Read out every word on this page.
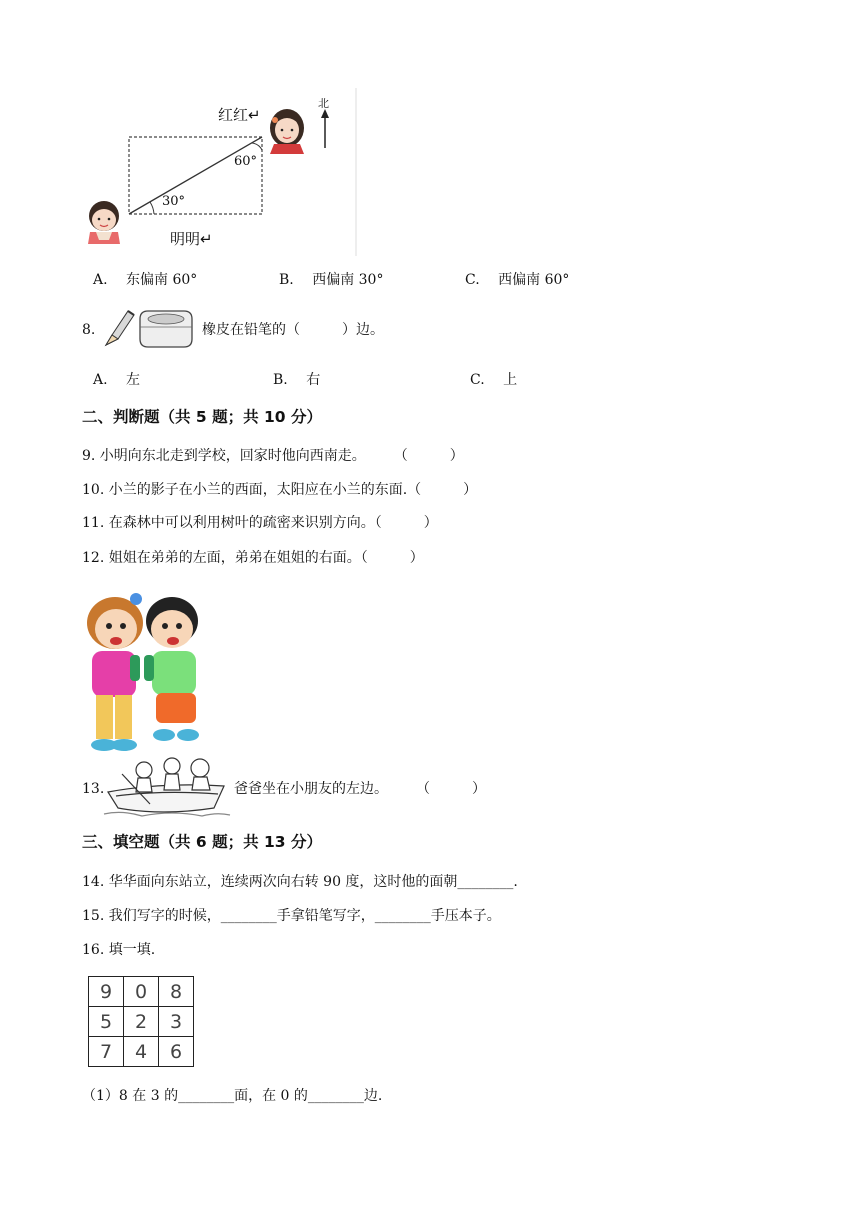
红红↵
明明↵
60°
30°
北
A. 东偏南 60°	B. 西偏南 30°	C. 西偏南 60°
8.	橡皮在铅笔的（　　　）边。
A. 左	B. 右	C. 上
二、判断题（共 5 题；共 10 分）
9. 小明向东北走到学校，回家时他向西南走。　　　（　　　）
10. 小兰的影子在小兰的西面，太阳应在小兰的东面.（　　　）
11. 在森林中可以利用树叶的疏密来识别方向。（　　　）
12. 姐姐在弟弟的左面，弟弟在姐姐的右面。（　　　）
13.	爸爸坐在小朋友的左边。　　　（　　　）
三、填空题（共 6 题；共 13 分）
14. 华华面向东站立，连续两次向右转 90 度，这时他的面朝________.
15. 我们写字的时候，________手拿铅笔写字，________手压本子。
16. 填一填.
9	0	8
5	2	3
7	4	6
（1）8 在 3 的________面，在 0 的________边.
